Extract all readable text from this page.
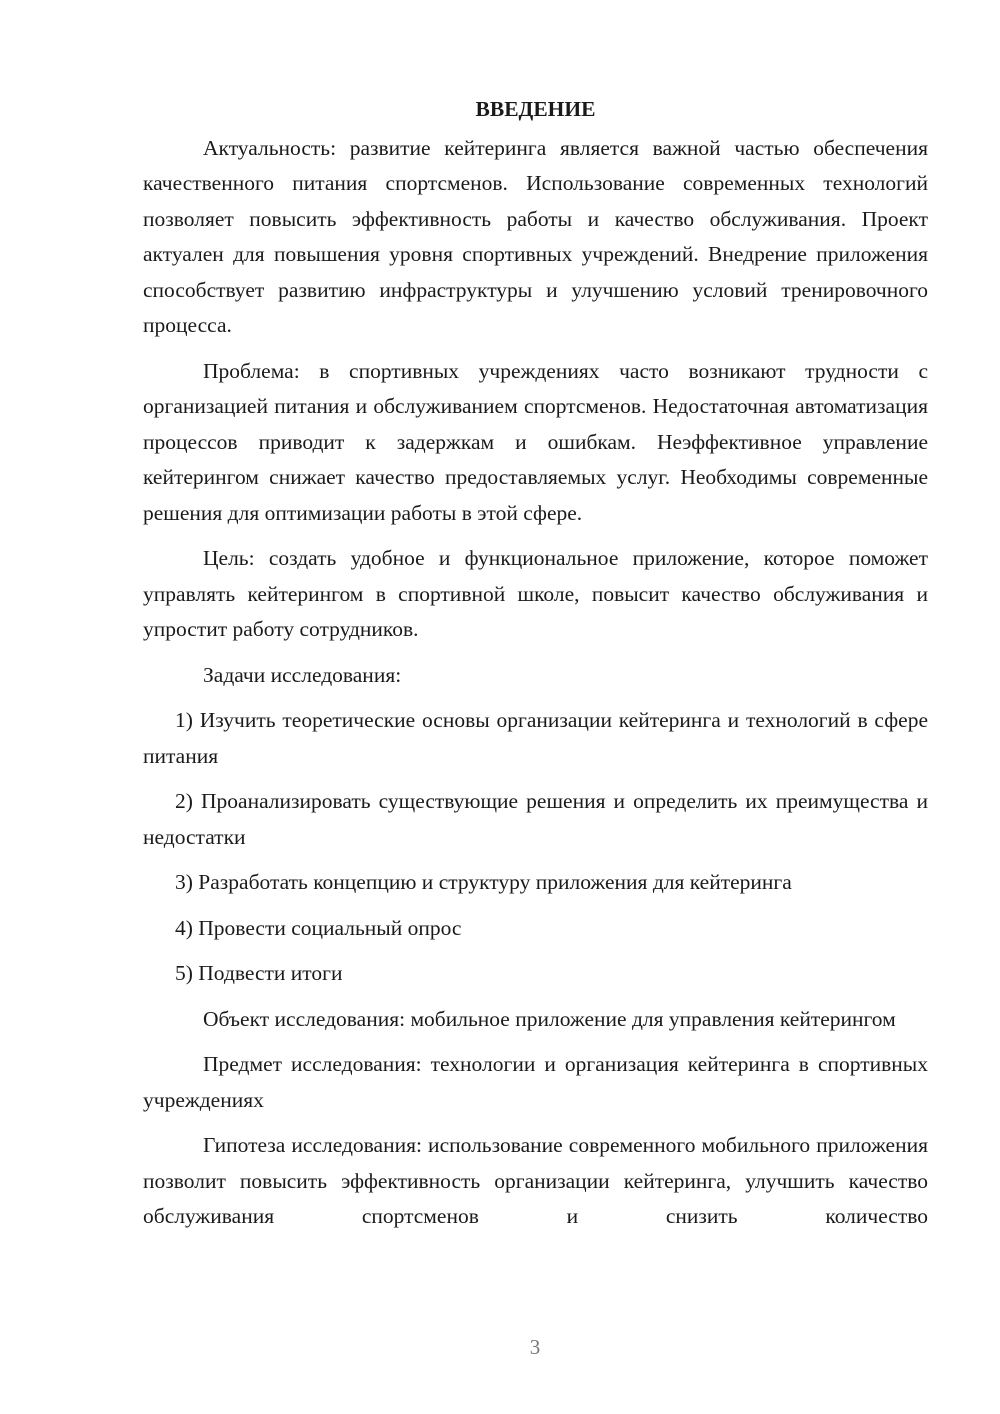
ВВЕДЕНИЕ

Актуальность: развитие кейтеринга является важной частью обеспечения качественного питания спортсменов. Использование современных технологий позволяет повысить эффективность работы и качество обслуживания. Проект актуален для повышения уровня спортивных учреждений. Внедрение приложения способствует развитию инфраструктуры и улучшению условий тренировочного процесса.

Проблема: в спортивных учреждениях часто возникают трудности с организацией питания и обслуживанием спортсменов. Недостаточная автоматизация процессов приводит к задержкам и ошибкам. Неэффективное управление кейтерингом снижает качество предоставляемых услуг. Необходимы современные решения для оптимизации работы в этой сфере.

Цель: создать удобное и функциональное приложение, которое поможет управлять кейтерингом в спортивной школе, повысит качество обслуживания и упростит работу сотрудников.

Задачи исследования:

1) Изучить теоретические основы организации кейтеринга и технологий в сфере питания

2) Проанализировать существующие решения и определить их преимущества и недостатки

3) Разработать концепцию и структуру приложения для кейтеринга

4) Провести социальный опрос

5) Подвести итоги

Объект исследования: мобильное приложение для управления кейтерингом

Предмет исследования: технологии и организация кейтеринга в спортивных учреждениях

Гипотеза исследования: использование современного мобильного приложения позволит повысить эффективность организации кейтеринга, улучшить качество обслуживания спортсменов и снизить количество

3
